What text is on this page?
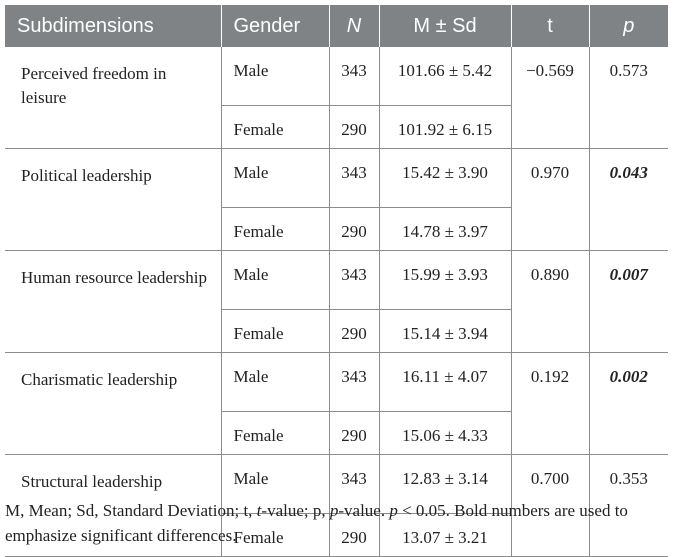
Subdimensions	Gender	N	M ± Sd	t	p
Perceived freedom in leisure	Male	343	101.66 ± 5.42	−0.569	0.573
	Female	290	101.92 ± 6.15		
Political leadership	Male	343	15.42 ± 3.90	0.970	0.043
	Female	290	14.78 ± 3.97		
Human resource leadership	Male	343	15.99 ± 3.93	0.890	0.007
	Female	290	15.14 ± 3.94		
Charismatic leadership	Male	343	16.11 ± 4.07	0.192	0.002
	Female	290	15.06 ± 4.33		
Structural leadership	Male	343	12.83 ± 3.14	0.700	0.353
	Female	290	13.07 ± 3.21		
M, Mean; Sd, Standard Deviation; t, t-value; p, p-value. p < 0.05. Bold numbers are used to emphasize significant differences.
